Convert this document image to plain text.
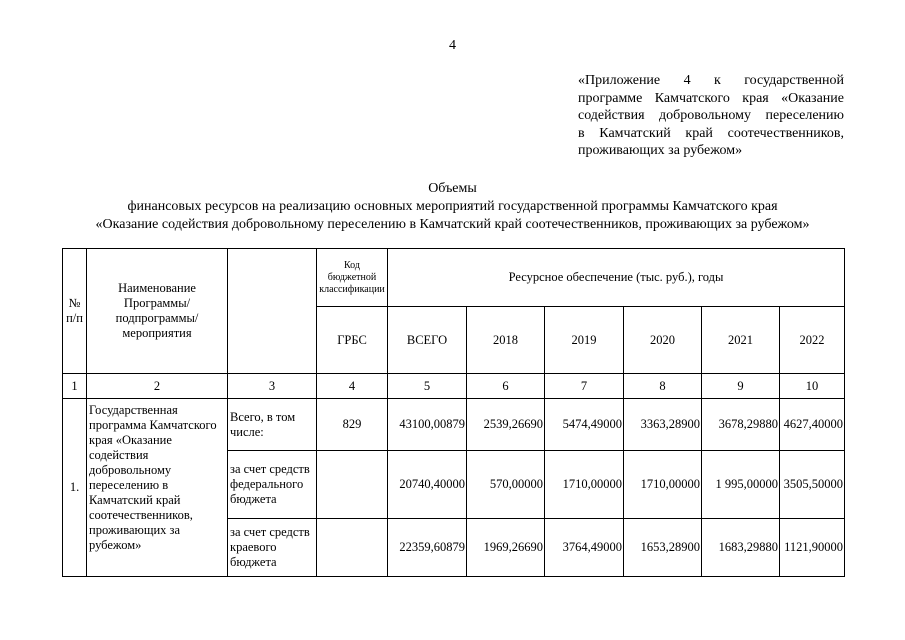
4
«Приложение 4 к государственной
программе Камчатского края «Оказание
содействия добровольному переселению
в Камчатский край соотечественников,
проживающих за рубежом»
Объемы
финансовых ресурсов на реализацию основных мероприятий государственной программы Камчатского края
«Оказание содействия добровольному переселению в Камчатский край соотечественников, проживающих за рубежом»
№ п/п	Наименование Программы/ подпрограммы/ мероприятия		Код бюджетной классификации	Ресурсное обеспечение (тыс. руб.), годы					
			ГРБС	ВСЕГО	2018	2019	2020	2021	2022
1	2	3	4	5	6	7	8	9	10
1.	Государственная программа Камчатского края «Оказание содействия добровольному переселению в Камчатский край соотечественников, проживающих за рубежом»	Всего, в том числе:	829	43100,00879	2539,26690	5474,49000	3363,28900	3678,29880	4627,40000
		за счет средств федерального бюджета		20740,40000	570,00000	1710,00000	1710,00000	1 995,00000	3505,50000
		за счет средств краевого бюджета		22359,60879	1969,26690	3764,49000	1653,28900	1683,29880	1121,90000
